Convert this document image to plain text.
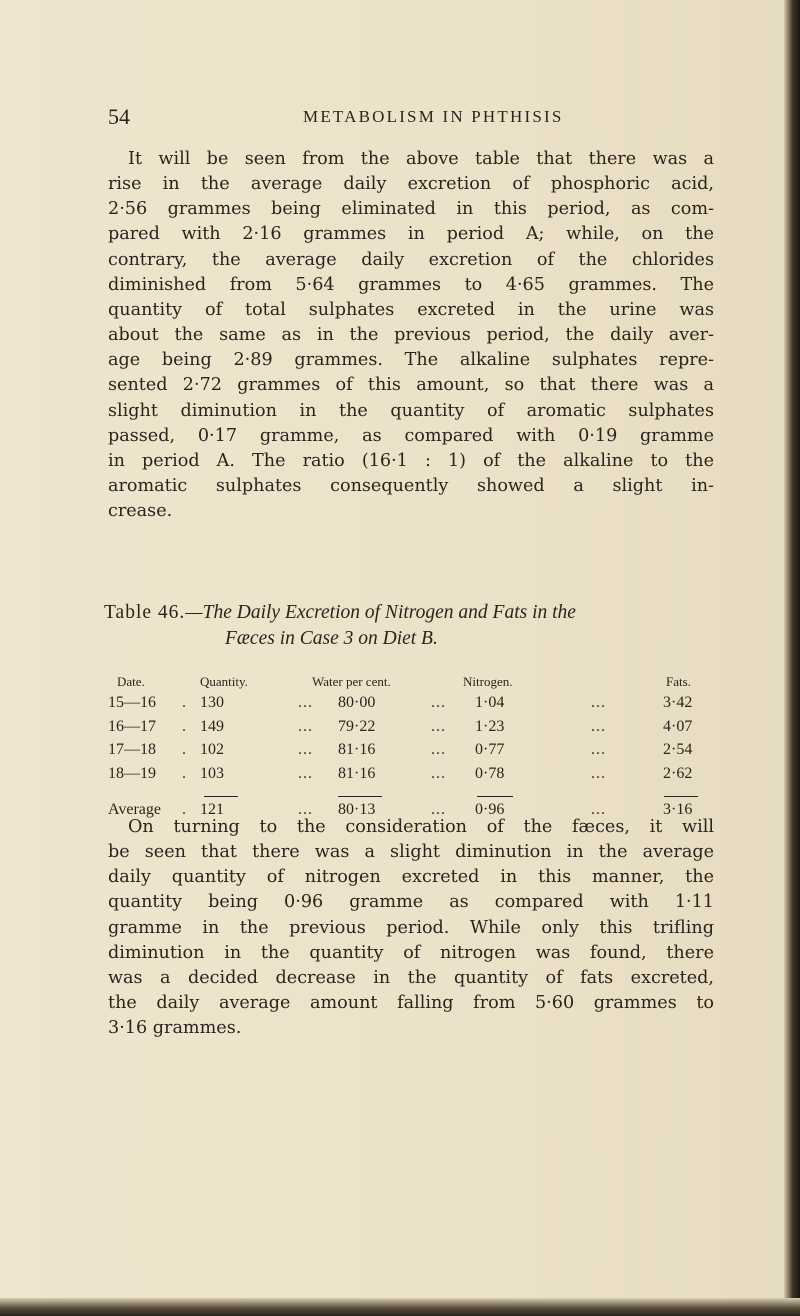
54	METABOLISM IN PHTHISIS

It will be seen from the above table that there was a
rise in the average daily excretion of phosphoric acid,
2·56 grammes being eliminated in this period, as com-
pared with 2·16 grammes in period A; while, on the
contrary, the average daily excretion of the chlorides
diminished from 5·64 grammes to 4·65 grammes. The
quantity of total sulphates excreted in the urine was
about the same as in the previous period, the daily aver-
age being 2·89 grammes. The alkaline sulphates repre-
sented 2·72 grammes of this amount, so that there was a
slight diminution in the quantity of aromatic sulphates
passed, 0·17 gramme, as compared with 0·19 gramme
in period A. The ratio (16·1 : 1) of the alkaline to the
aromatic sulphates consequently showed a slight in-
crease.

Table 46.—The Daily Excretion of Nitrogen and Fats in the
Fæces in Case 3 on Diet B.
Date.	Quantity.	Water per cent.	Nitrogen.	Fats.
15—16 . 130	... 80·00	... 1·04	...	3·42
16—17 . 149	... 79·22	... 1·23	...	4·07
17—18 . 102	... 81·16	... 0·77	...	2·54
18—19 . 103	... 81·16	... 0·78	...	2·62
Average . 121	... 80·13	... 0·96	...	3·16

On turning to the consideration of the fæces, it will
be seen that there was a slight diminution in the average
daily quantity of nitrogen excreted in this manner, the
quantity being 0·96 gramme as compared with 1·11
gramme in the previous period. While only this trifling
diminution in the quantity of nitrogen was found, there
was a decided decrease in the quantity of fats excreted,
the daily average amount falling from 5·60 grammes to
3·16 grammes.
